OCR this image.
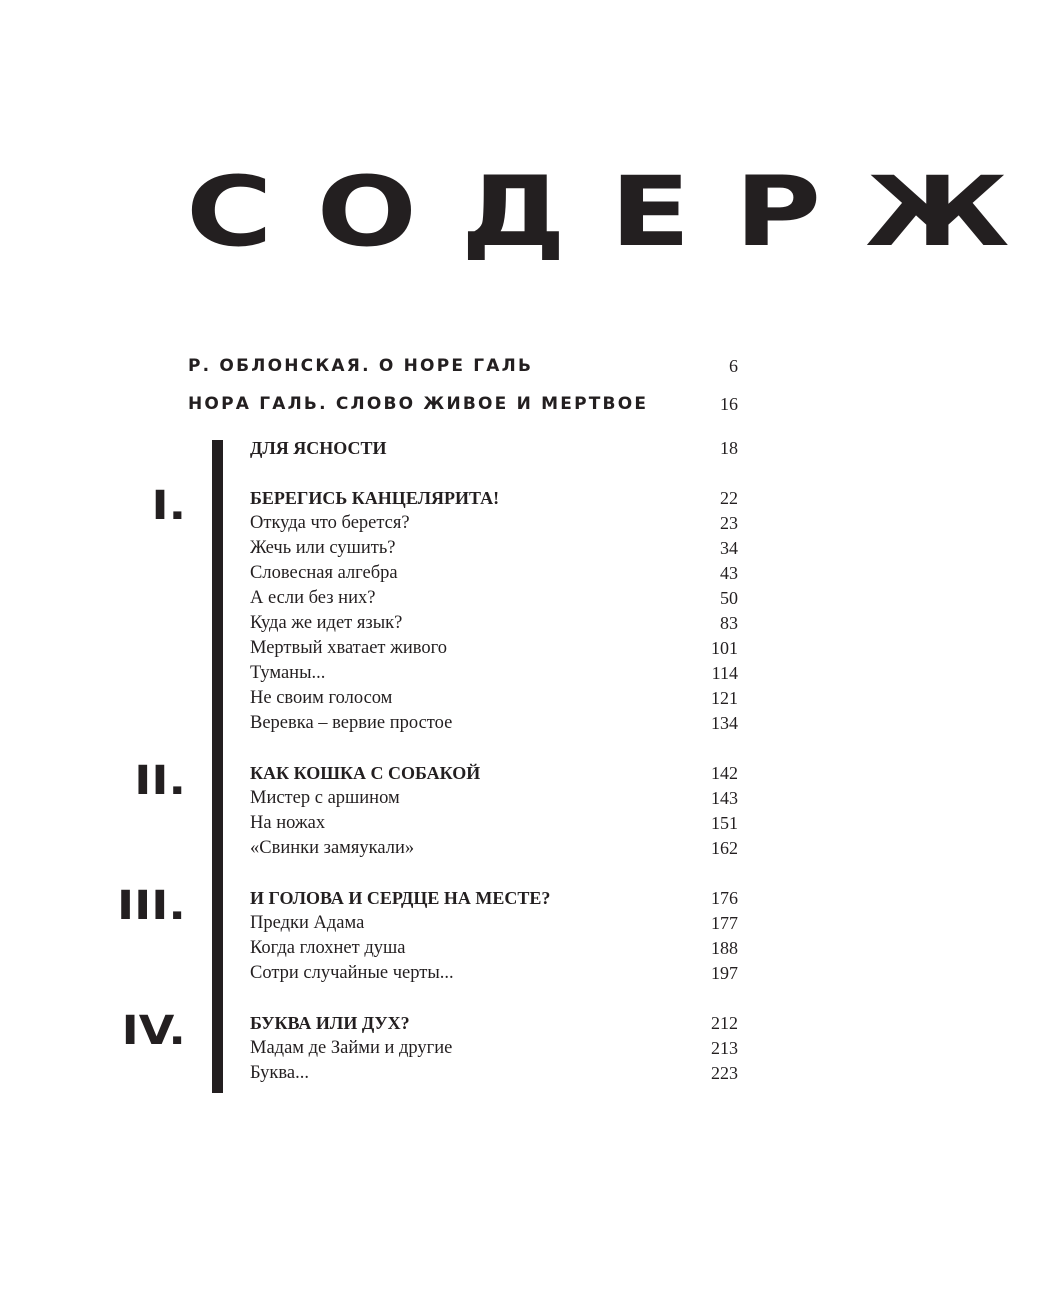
СОДЕРЖ
Р. ОБЛОНСКАЯ. О НОРЕ ГАЛЬ	6
НОРА ГАЛЬ. СЛОВО ЖИВОЕ И МЕРТВОЕ	16
ДЛЯ ЯСНОСТИ	18
I.	БЕРЕГИСЬ КАНЦЕЛЯРИТА!	22
Откуда что берется?	23
Жечь или сушить?	34
Словесная алгебра	43
А если без них?	50
Куда же идет язык?	83
Мертвый хватает живого	101
Туманы...	114
Не своим голосом	121
Веревка – вервие простое	134
II.	КАК КОШКА С СОБАКОЙ	142
Мистер с аршином	143
На ножах	151
«Свинки замяукали»	162
III.	И ГОЛОВА И СЕРДЦЕ НА МЕСТЕ?	176
Предки Адама	177
Когда глохнет душа	188
Сотри случайные черты...	197
IV.	БУКВА ИЛИ ДУХ?	212
Мадам де Займи и другие	213
Буква...	223
